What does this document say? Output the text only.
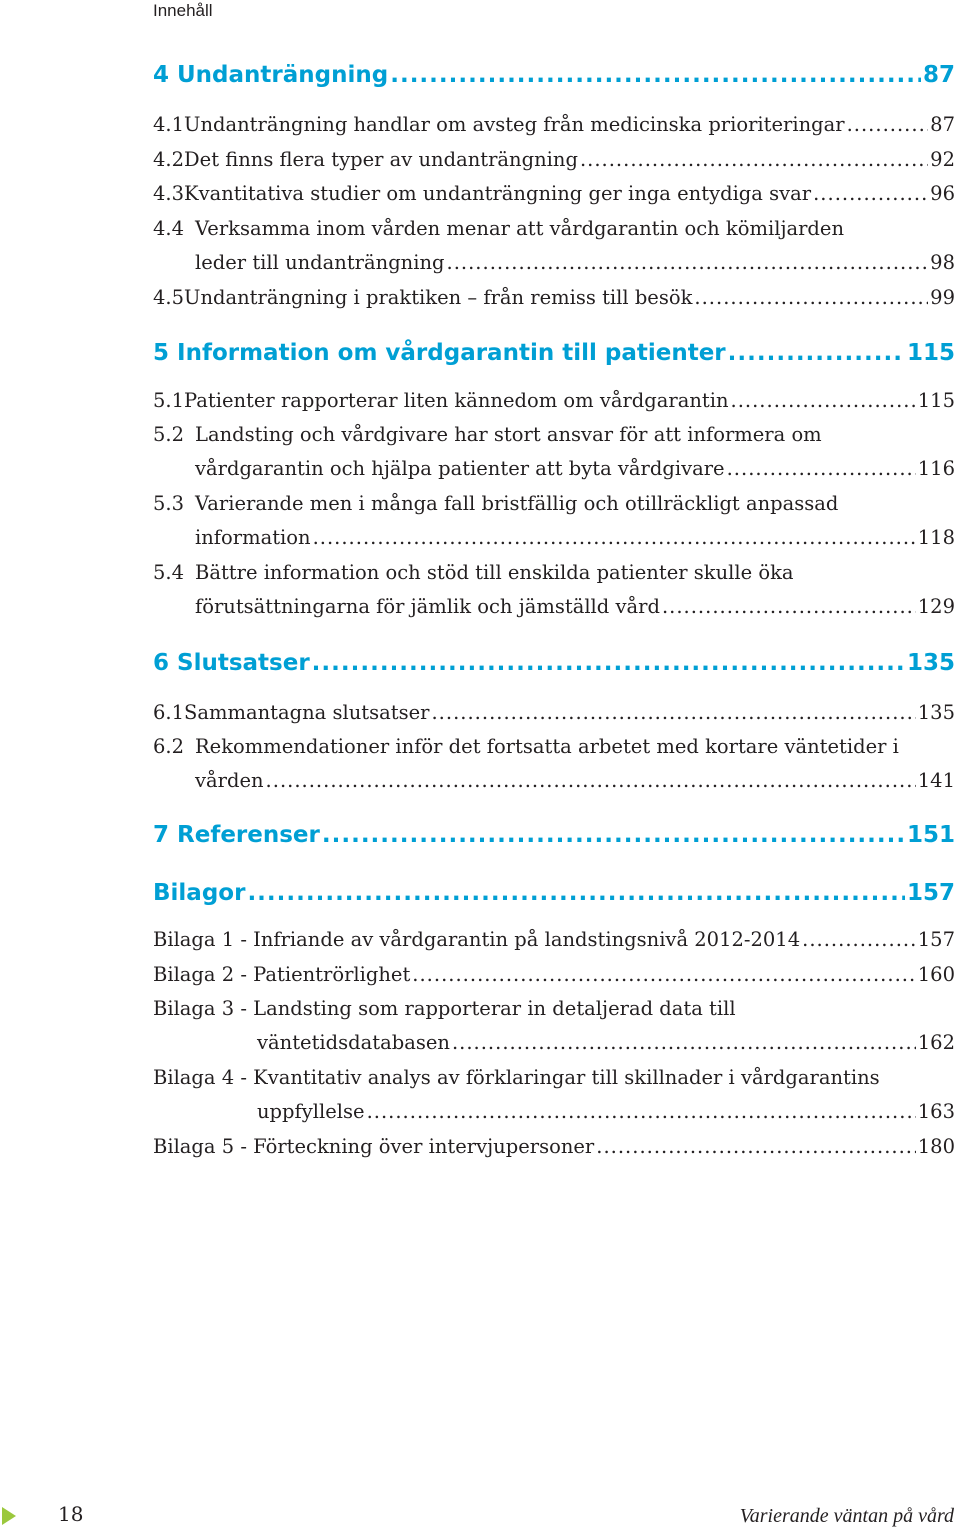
Innehåll
4 Undanträngning .....	87
4.1 Undanträngning handlar om avsteg från medicinska prioriteringar .....	87
4.2 Det finns flera typer av undanträngning .....	92
4.3 Kvantitativa studier om undanträngning ger inga entydiga svar .....	96
4.4 Verksamma inom vården menar att vårdgarantin och kömiljarden
leder till undanträngning .....	98
4.5 Undanträngning i praktiken – från remiss till besök .....	99
5 Information om vårdgarantin till patienter .....	115
5.1 Patienter rapporterar liten kännedom om vårdgarantin .....	115
5.2 Landsting och vårdgivare har stort ansvar för att informera om
vårdgarantin och hjälpa patienter att byta vårdgivare .....	116
5.3 Varierande men i många fall bristfällig och otillräckligt anpassad
information .....	118
5.4 Bättre information och stöd till enskilda patienter skulle öka
förutsättningarna för jämlik och jämställd vård .....	129
6 Slutsatser .....	135
6.1 Sammantagna slutsatser .....	135
6.2 Rekommendationer inför det fortsatta arbetet med kortare väntetider i
vården .....	141
7 Referenser .....	151
Bilagor .....	157
Bilaga 1 - Infriande av vårdgarantin på landstingsnivå 2012-2014 .....	157
Bilaga 2 - Patientrörlighet .....	160
Bilaga 3 - Landsting som rapporterar in detaljerad data till
väntetidsdatabasen .....	162
Bilaga 4 - Kvantitativ analys av förklaringar till skillnader i vårdgarantins
uppfyllelse .....	163
Bilaga 5 - Förteckning över intervjupersoner .....	180
18	Varierande väntan på vård
